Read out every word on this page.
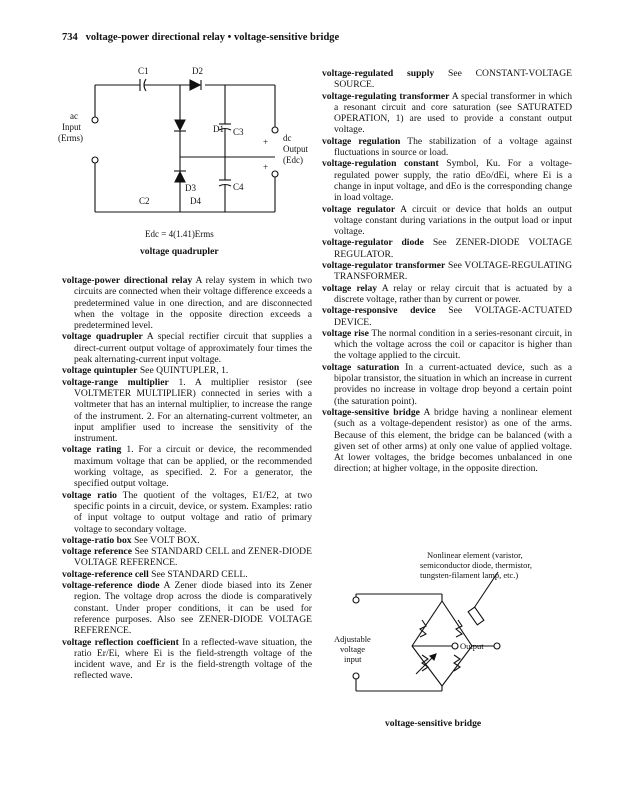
734 voltage-power directional relay • voltage-sensitive bridge
C1	D2
D1 C3
D3	C4
C2	D4
ac
Input
(Erms)	+ dc
Output
(Edc)
+
Edc = 4(1.41)Erms
voltage quadrupler

voltage-power directional relay A relay system in which two circuits are connected when their voltage difference exceeds a predetermined value in one direction, and are disconnected when the voltage in the opposite direction exceeds a predetermined level.

voltage quadrupler A special rectifier circuit that supplies a direct-current output voltage of approximately four times the peak alternating-current input voltage.

voltage quintupler See QUINTUPLER, 1.

voltage-range multiplier 1. A multiplier resistor (see VOLTMETER MULTIPLIER) connected in series with a voltmeter that has an internal multiplier, to increase the range of the instrument. 2. For an alternating-current voltmeter, an input amplifier used to increase the sensitivity of the instrument.

voltage rating 1. For a circuit or device, the recommended maximum voltage that can be applied, or the recommended working voltage, as specified. 2. For a generator, the specified output voltage.

voltage ratio The quotient of the voltages, E1/E2, at two specific points in a circuit, device, or system. Examples: ratio of input voltage to output voltage and ratio of primary voltage to secondary voltage.

voltage-ratio box See VOLT BOX.

voltage reference See STANDARD CELL and ZENER-DIODE VOLTAGE REFERENCE.

voltage-reference cell See STANDARD CELL.

voltage-reference diode A Zener diode biased into its Zener region. The voltage drop across the diode is comparatively constant. Under proper conditions, it can be used for reference purposes. Also see ZENER-DIODE VOLTAGE REFERENCE.

voltage reflection coefficient In a reflected-wave situation, the ratio Er/Ei, where Ei is the field-strength voltage of the incident wave, and Er is the field-strength voltage of the reflected wave.

voltage-regulated supply See CONSTANT-VOLTAGE SOURCE.

voltage-regulating transformer A special transformer in which a resonant circuit and core saturation (see SATURATED OPERATION, 1) are used to provide a constant output voltage.

voltage regulation The stabilization of a voltage against fluctuations in source or load.

voltage-regulation constant Symbol, Ku. For a voltage-regulated power supply, the ratio dEo/dEi, where Ei is a change in input voltage, and dEo is the corresponding change in load voltage.

voltage regulator A circuit or device that holds an output voltage constant during variations in the output load or input voltage.

voltage-regulator diode See ZENER-DIODE VOLTAGE REGULATOR.

voltage-regulator transformer See VOLTAGE-REGULATING TRANSFORMER.

voltage relay A relay or relay circuit that is actuated by a discrete voltage, rather than by current or power.

voltage-responsive device See VOLTAGE-ACTUATED DEVICE.

voltage rise The normal condition in a series-resonant circuit, in which the voltage across the coil or capacitor is higher than the voltage applied to the circuit.

voltage saturation In a current-actuated device, such as a bipolar transistor, the situation in which an increase in current provides no increase in voltage drop beyond a certain point (the saturation point).

voltage-sensitive bridge A bridge having a nonlinear element (such as a voltage-dependent resistor) as one of the arms. Because of this element, the bridge can be balanced (with a given set of other arms) at only one value of applied voltage. At lower voltages, the bridge becomes unbalanced in one direction; at higher voltage, in the opposite direction.

Nonlinear element (varistor,
semiconductor diode, thermistor,
tungsten-filament lamp, etc.)
Adjustable
voltage
input
Output
voltage-sensitive bridge
